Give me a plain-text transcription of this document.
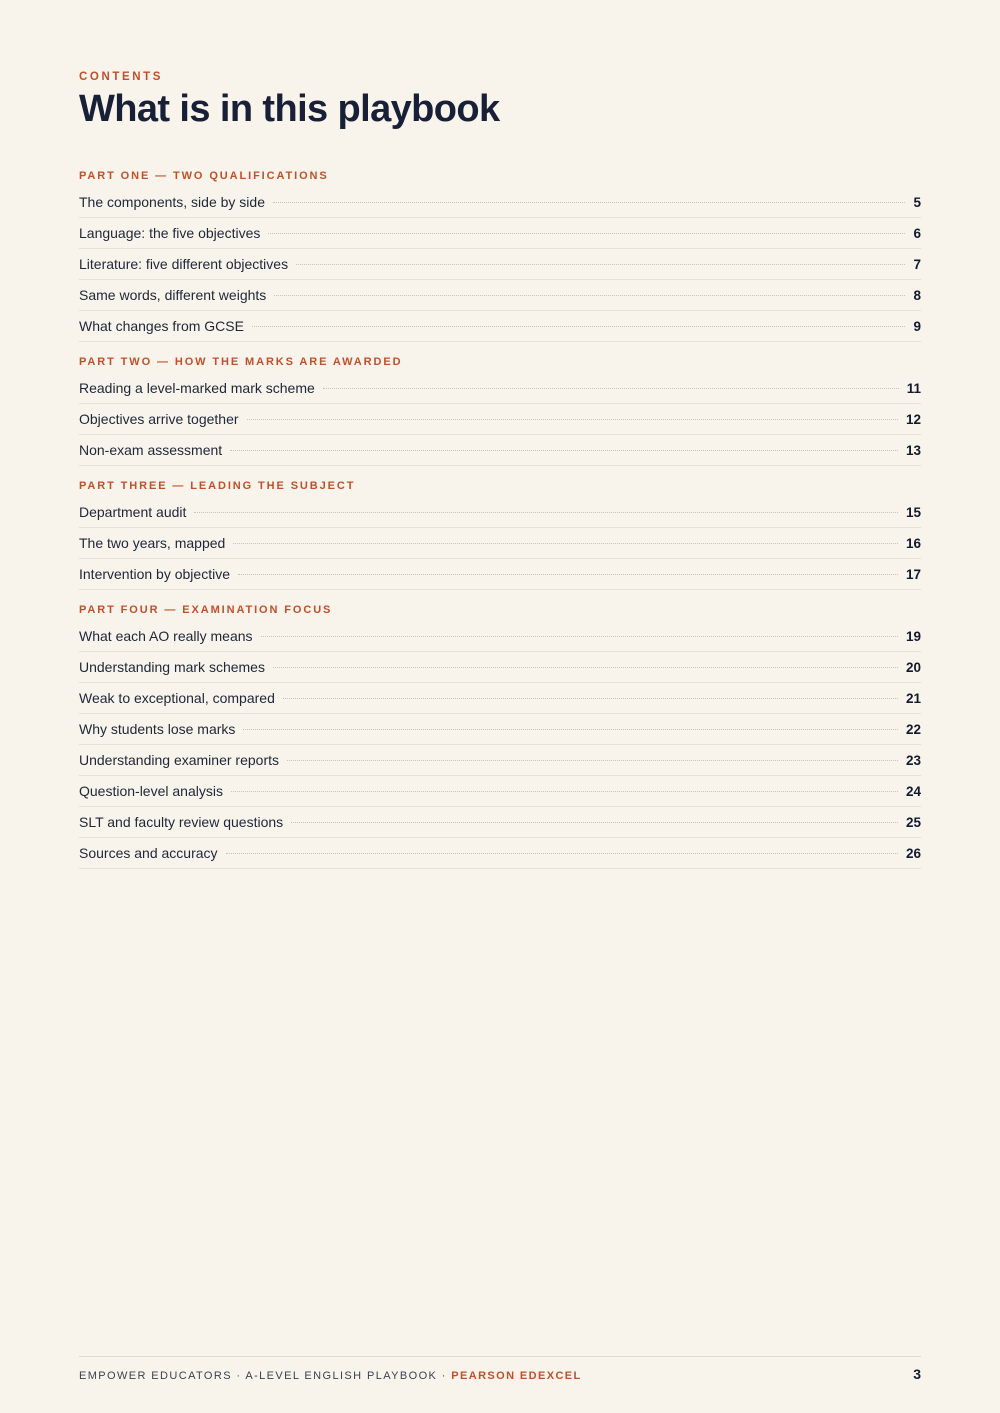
CONTENTS
What is in this playbook
PART ONE — TWO QUALIFICATIONS
The components, side by side	5
Language: the five objectives	6
Literature: five different objectives	7
Same words, different weights	8
What changes from GCSE	9
PART TWO — HOW THE MARKS ARE AWARDED
Reading a level-marked mark scheme	11
Objectives arrive together	12
Non-exam assessment	13
PART THREE — LEADING THE SUBJECT
Department audit	15
The two years, mapped	16
Intervention by objective	17
PART FOUR — EXAMINATION FOCUS
What each AO really means	19
Understanding mark schemes	20
Weak to exceptional, compared	21
Why students lose marks	22
Understanding examiner reports	23
Question-level analysis	24
SLT and faculty review questions	25
Sources and accuracy	26
EMPOWER EDUCATORS · A-LEVEL ENGLISH PLAYBOOK · PEARSON EDEXCEL	3
